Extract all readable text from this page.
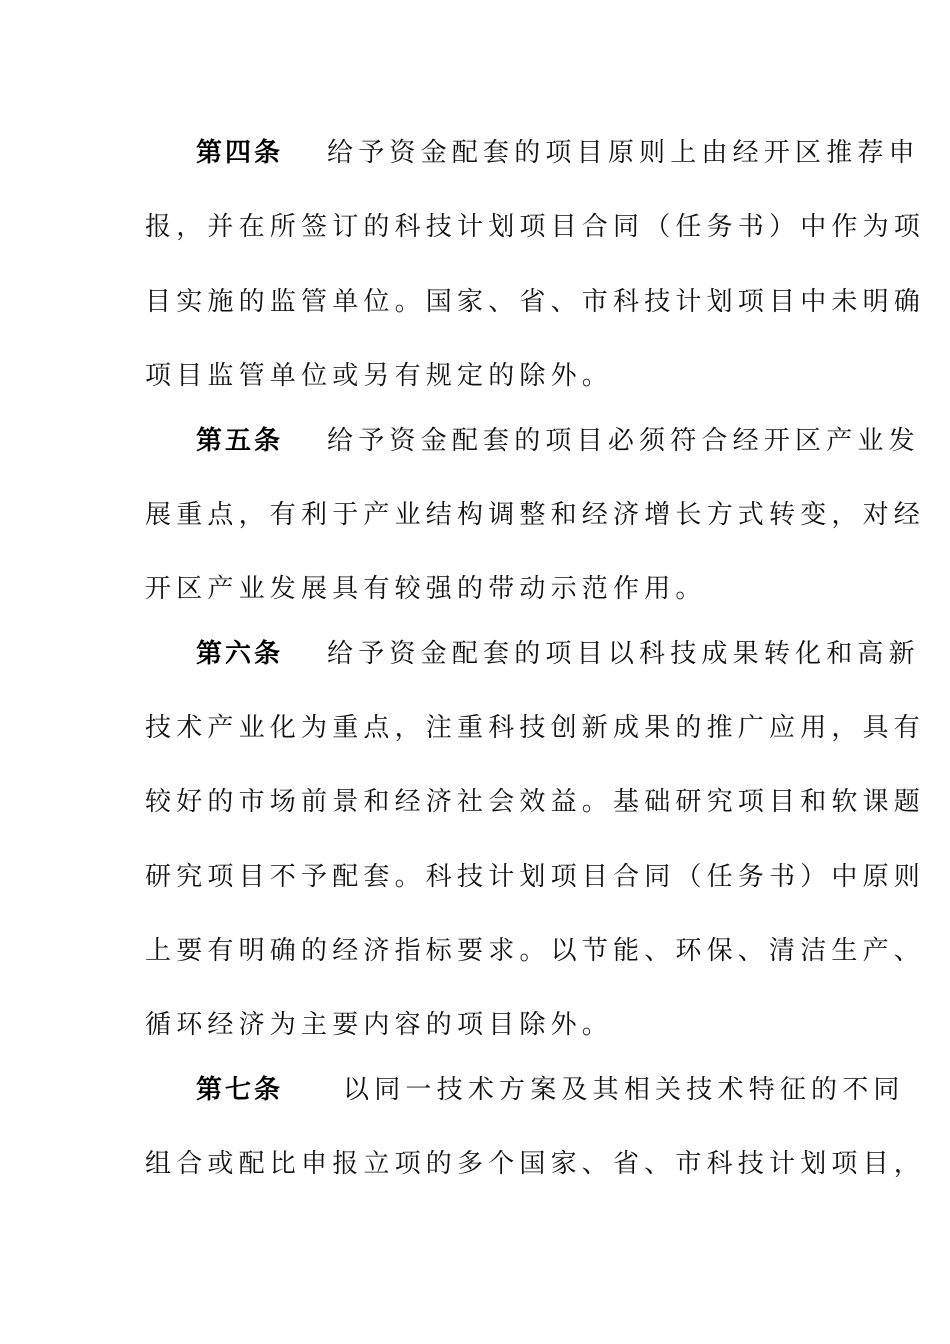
第四条 给予资金配套的项目原则上由经开区推荐申
报，并在所签订的科技计划项目合同（任务书）中作为项
目实施的监管单位。国家、省、市科技计划项目中未明确
项目监管单位或另有规定的除外。
第五条 给予资金配套的项目必须符合经开区产业发
展重点，有利于产业结构调整和经济增长方式转变，对经
开区产业发展具有较强的带动示范作用。
第六条 给予资金配套的项目以科技成果转化和高新
技术产业化为重点，注重科技创新成果的推广应用，具有
较好的市场前景和经济社会效益。基础研究项目和软课题
研究项目不予配套。科技计划项目合同（任务书）中原则
上要有明确的经济指标要求。以节能、环保、清洁生产、
循环经济为主要内容的项目除外。
第七条 以同一技术方案及其相关技术特征的不同
组合或配比申报立项的多个国家、省、市科技计划项目，
